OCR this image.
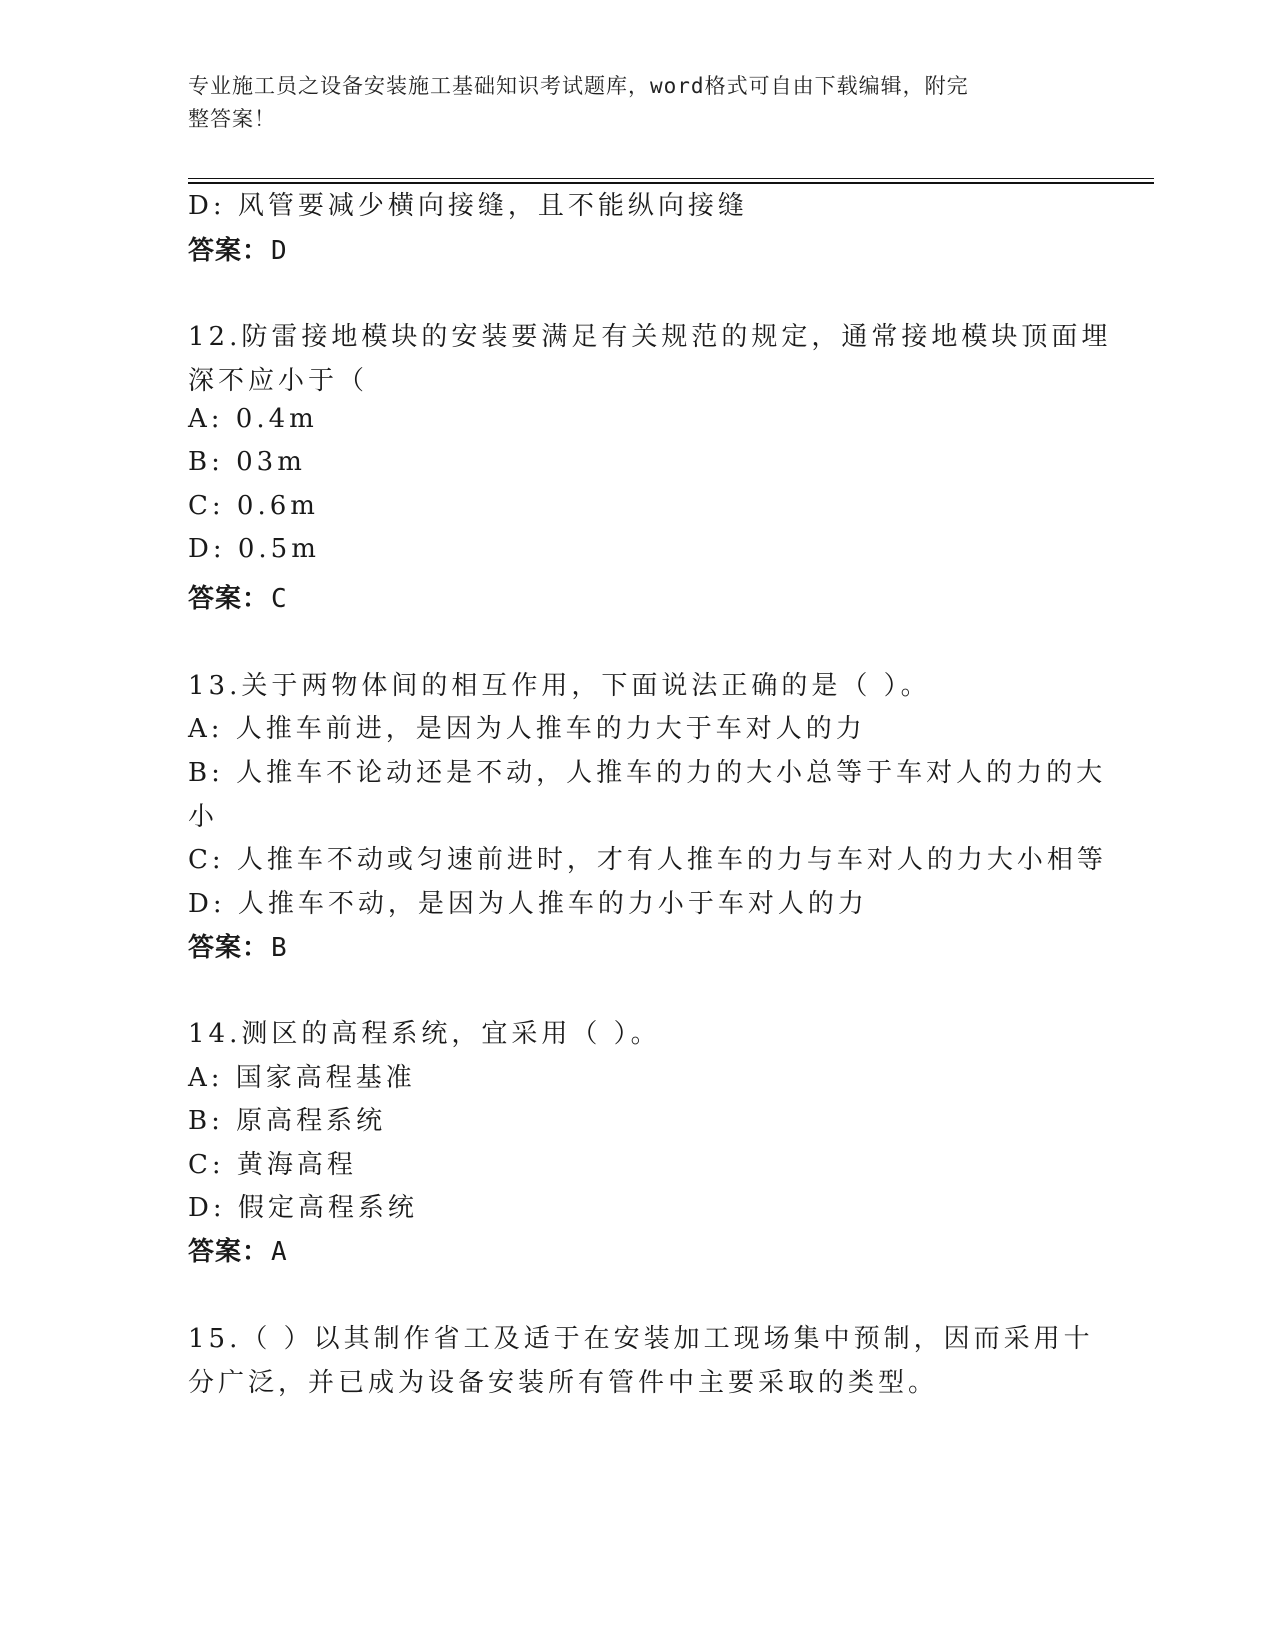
专业施工员之设备安装施工基础知识考试题库，word格式可自由下载编辑，附完
整答案！
D: 风管要减少横向接缝，且不能纵向接缝
答案：D
12.防雷接地模块的安装要满足有关规范的规定，通常接地模块顶面埋
深不应小于（
A: 0.4m
B: 03m
C: 0.6m
D: 0.5m
答案：C
13.关于两物体间的相互作用，下面说法正确的是（ ）。
A: 人推车前进，是因为人推车的力大于车对人的力
B: 人推车不论动还是不动，人推车的力的大小总等于车对人的力的大
小
C: 人推车不动或匀速前进时，才有人推车的力与车对人的力大小相等
D: 人推车不动，是因为人推车的力小于车对人的力
答案：B
14.测区的高程系统，宜采用（ ）。
A: 国家高程基准
B: 原高程系统
C: 黄海高程
D: 假定高程系统
答案：A
15.（ ）以其制作省工及适于在安装加工现场集中预制，因而采用十
分广泛，并已成为设备安装所有管件中主要采取的类型。
